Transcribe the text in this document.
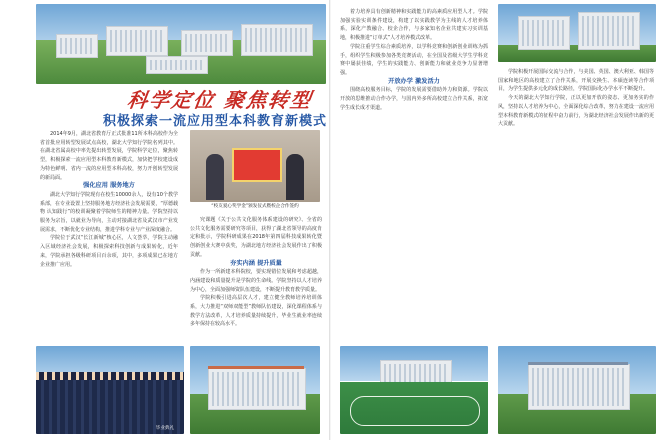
科学定位 聚焦转型
积极探索一流应用型本科教育新模式

2014年9月，湖北省教育厅正式批准11所本科高校作为全省首批应用转型发展试点高校，湖北大学知行学院名列其中。在湖北省属高校中率先提出转型发展，学院科学定位，聚焦转型，积极探索一流应用型本科教育新模式，加快把学校建设成为特色鲜明、省内一流的应用型本科高校，努力开创转型发展的新局面。

强化应用 服务地方

湖北大学知行学院现有在校生10000余人，设有10个教学系部，在专业设置上坚持服务地方经济社会发展需要，“厚德载物 认知践行”的校训凝聚着学院师生的精神力量。学院坚持以服务为宗旨，以就业为导向，主动对接湖北省及武汉市产业发展需求，不断优化专业结构，推进学科专业与产业深度融合。

学院位于武汉“长江新城”核心区，人文荟萃，学院主动融入区域经济社会发展，积极探索科技创新与成果转化，近年来，学院承担各级科研项目百余项，其中，多项成果已在地方企业推广应用。

“校友爱心奖学金”颁发仪式暨校企合作签约

究课题《关于公共文化服务体系建设的研究》、全省的公共文化服务需要研究等项目，获得了湖北省领导的高度肯定和批示，学院科研成果在2018年第四届科技成果转化暨创新创业大赛中获奖，为湖北地方经济社会发展作出了积极贡献。

夯实内涵 提升质量

作为一所新建本科院校，要实现错位发展和考虑超越，内涵建设和质量提升是学院的生命线。学院坚持以人才培养为中心，全面加强师资队伍建设，不断提升教育教学质量。

学院积极引进高层次人才，建立健全教师培养培训体系，大力推进“双师双能型”教师队伍建设，深化课程体系与教学方法改革，人才培养质量持续提升，毕业生就业率连续多年保持在较高水平。

毕业典礼

着力培养具有创新精神和实践能力的高素质应用型人才。学院加强实验实训条件建设，构建了以实践教学为主线的人才培养体系，深化产教融合、校企合作，与多家知名企业共建实习实训基地，积极推进“订单式”人才培养模式改革。

学院注重学生综合素质培养，以学科竞赛和创新创业训练为抓手，组织学生积极参加各类竞赛活动，在全国及省级大学生学科竞赛中屡获佳绩，学生的实践能力、创新能力和就业竞争力显著增强。

开放办学 激发活力

围绕高校服务目标，学院的发展需要借助外力和资源。学院以开放的思维推动合作办学，与国内外多所高校建立合作关系，拓宽学生成长成才渠道。

学院积极开展国际交流与合作，与美国、英国、澳大利亚、韩国等国家和地区的高校建立了合作关系，开展交换生、本硕连读等合作项目，为学生提供多元化的成长路径，学院国际化办学水平不断提升。

今天的湖北大学知行学院，正以更加开放的姿态、更加务实的作风，坚持以人才培养为中心，全面深化综合改革，努力在建设一流应用型本科教育新模式的征程中奋力前行，为湖北经济社会发展作出新的更大贡献。
